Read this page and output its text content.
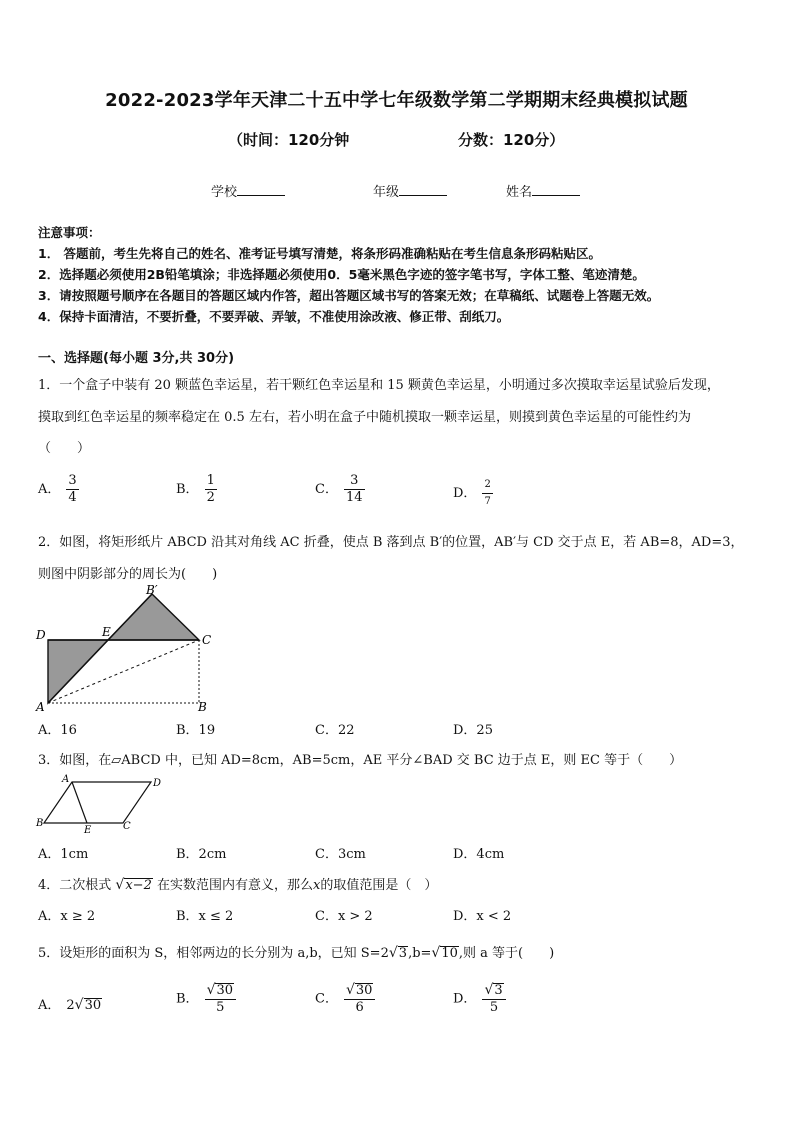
2022-2023学年天津二十五中学七年级数学第二学期期末经典模拟试题
（时间：120分钟	分数：120分）
学校	年级	姓名
注意事项：
1． 答题前，考生先将自己的姓名、准考证号填写清楚，将条形码准确粘贴在考生信息条形码粘贴区。
2．选择题必须使用2B铅笔填涂；非选择题必须使用0．5毫米黑色字迹的签字笔书写，字体工整、笔迹清楚。
3．请按照题号顺序在各题目的答题区域内作答，超出答题区域书写的答案无效；在草稿纸、试题卷上答题无效。
4．保持卡面清洁，不要折叠，不要弄破、弄皱，不准使用涂改液、修正带、刮纸刀。
一、选择题(每小题 3分,共 30分)
1．一个盒子中装有 20 颗蓝色幸运星，若干颗红色幸运星和 15 颗黄色幸运星，小明通过多次摸取幸运星试验后发现，
摸取到红色幸运星的频率稳定在 0.5 左右，若小明在盒子中随机摸取一颗幸运星，则摸到黄色幸运星的可能性约为
（　　）
A． $\frac{3}{4}$	B． $\frac{1}{2}$	C． $\frac{3}{14}$	D． $\frac{2}{7}$
2．如图，将矩形纸片 ABCD 沿其对角线 AC 折叠，使点 B 落到点 B′的位置，AB′与 CD 交于点 E，若 AB=8，AD=3，
则图中阴影部分的周长为(　　)
B′
D	E
C
A	B
A．16	B．19	C．22	D．25
3．如图，在▱ABCD 中，已知 AD=8cm，AB=5cm，AE 平分∠BAD 交 BC 边于点 E，则 EC 等于（　　）
A	D
B
E	C
A．1cm	B．2cm	C．3cm	D．4cm
4．二次根式 √x−2 在实数范围内有意义，那么x的取值范围是（　）
A．x ≥ 2	B．x ≤ 2	C．x > 2	D．x < 2
5．设矩形的面积为 S，相邻两边的长分别为 a,b，已知 S=2√3,b=√10,则 a 等于(　　)
A． 2√30	B． $\frac{√30}{5}$	C． $\frac{√30}{6}$	D． $\frac{√3}{5}$
